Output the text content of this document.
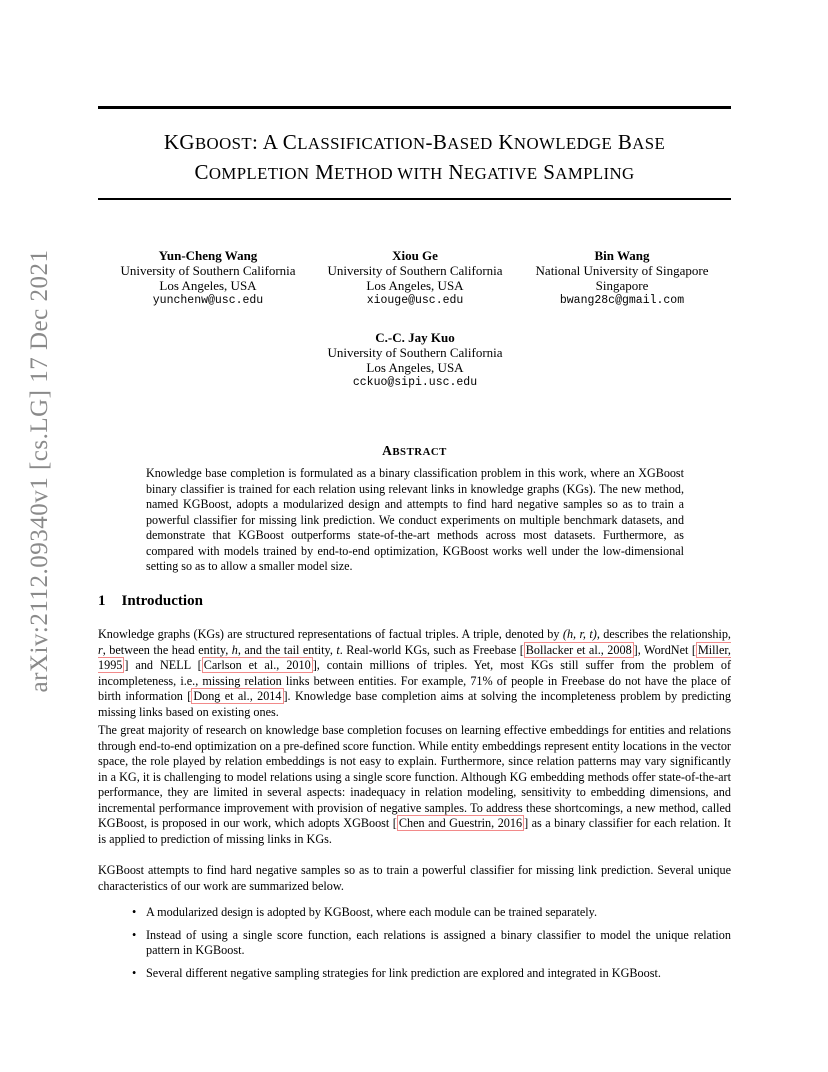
arXiv:2112.09340v1 [cs.LG] 17 Dec 2021
KGBOOST: A CLASSIFICATION-BASED KNOWLEDGE BASE
COMPLETION METHOD WITH NEGATIVE SAMPLING
Yun-Cheng Wang
University of Southern California
Los Angeles, USA
yunchenw@usc.edu
Xiou Ge
University of Southern California
Los Angeles, USA
xiouge@usc.edu
Bin Wang
National University of Singapore
Singapore
bwang28c@gmail.com
C.-C. Jay Kuo
University of Southern California
Los Angeles, USA
cckuo@sipi.usc.edu
ABSTRACT
Knowledge base completion is formulated as a binary classification problem in this work, where an XGBoost binary classifier is trained for each relation using relevant links in knowledge graphs (KGs). The new method, named KGBoost, adopts a modularized design and attempts to find hard negative samples so as to train a powerful classifier for missing link prediction. We conduct experiments on multiple benchmark datasets, and demonstrate that KGBoost outperforms state-of-the-art methods across most datasets. Furthermore, as compared with models trained by end-to-end optimization, KGBoost works well under the low-dimensional setting so as to allow a smaller model size.
1 Introduction

Knowledge graphs (KGs) are structured representations of factual triples. A triple, denoted by (h, r, t), describes the relationship, r, between the head entity, h, and the tail entity, t. Real-world KGs, such as Freebase [ Bollacker et al., 2008 ], WordNet [ Miller, 1995 ] and NELL [ Carlson et al., 2010 ], contain millions of triples. Yet, most KGs still suffer from the problem of incompleteness, i.e., missing relation links between entities. For example, 71% of people in Freebase do not have the place of birth information [ Dong et al., 2014 ]. Knowledge base completion aims at solving the incompleteness problem by predicting missing links based on existing ones.

The great majority of research on knowledge base completion focuses on learning effective embeddings for entities and relations through end-to-end optimization on a pre-defined score function. While entity embeddings represent entity locations in the vector space, the role played by relation embeddings is not easy to explain. Furthermore, since relation patterns may vary significantly in a KG, it is challenging to model relations using a single score function. Although KG embedding methods offer state-of-the-art performance, they are limited in several aspects: inadequacy in relation modeling, sensitivity to embedding dimensions, and incremental performance improvement with provision of negative samples. To address these shortcomings, a new method, called KGBoost, is proposed in our work, which adopts XGBoost [ Chen and Guestrin, 2016 ] as a binary classifier for each relation. It is applied to prediction of missing links in KGs.

KGBoost attempts to find hard negative samples so as to train a powerful classifier for missing link prediction. Several unique characteristics of our work are summarized below.

• A modularized design is adopted by KGBoost, where each module can be trained separately.
• Instead of using a single score function, each relations is assigned a binary classifier to model the unique relation pattern in KGBoost.
• Several different negative sampling strategies for link prediction are explored and integrated in KGBoost.
